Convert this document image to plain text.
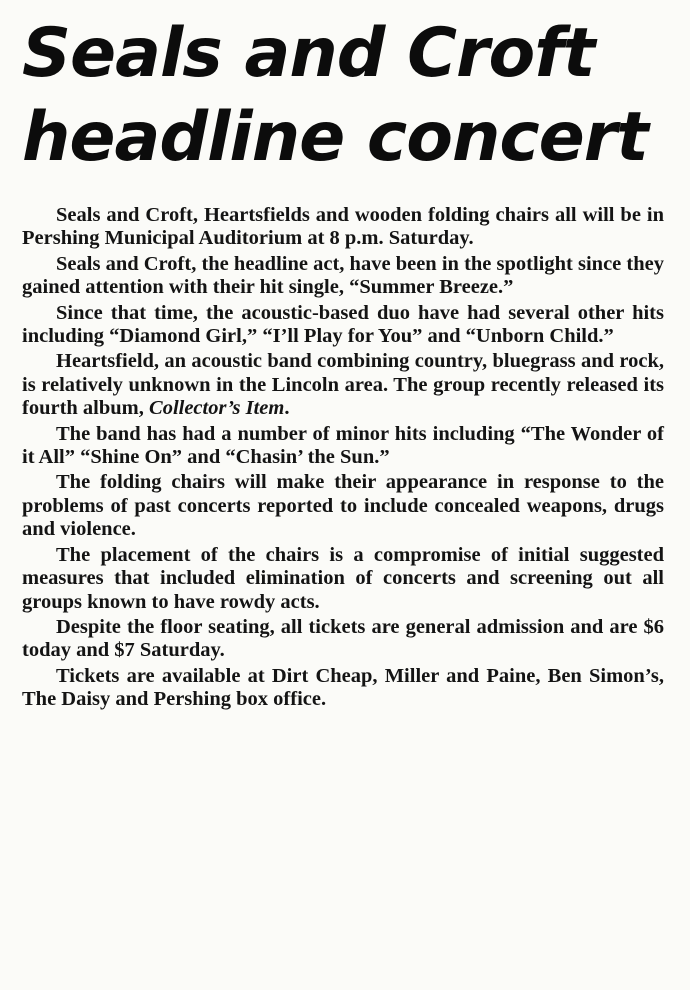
Seals and Croft
headline concert

Seals and Croft, Heartsfields and wooden folding chairs all will be in Pershing Municipal Auditorium at 8 p.m. Saturday.

Seals and Croft, the headline act, have been in the spotlight since they gained attention with their hit single, “Summer Breeze.”

Since that time, the acoustic-based duo have had several other hits including “Diamond Girl,” “I’ll Play for You” and “Unborn Child.”

Heartsfield, an acoustic band combining country, bluegrass and rock, is relatively unknown in the Lincoln area. The group recently released its fourth album, Collector’s Item.

The band has had a number of minor hits including “The Wonder of it All” “Shine On” and “Chasin’ the Sun.”

The folding chairs will make their appearance in response to the problems of past concerts reported to include concealed weapons, drugs and violence.

The placement of the chairs is a compromise of initial suggested measures that included elimination of concerts and screening out all groups known to have rowdy acts.

Despite the floor seating, all tickets are general admission and are $6 today and $7 Saturday.

Tickets are available at Dirt Cheap, Miller and Paine, Ben Simon’s, The Daisy and Pershing box office.
